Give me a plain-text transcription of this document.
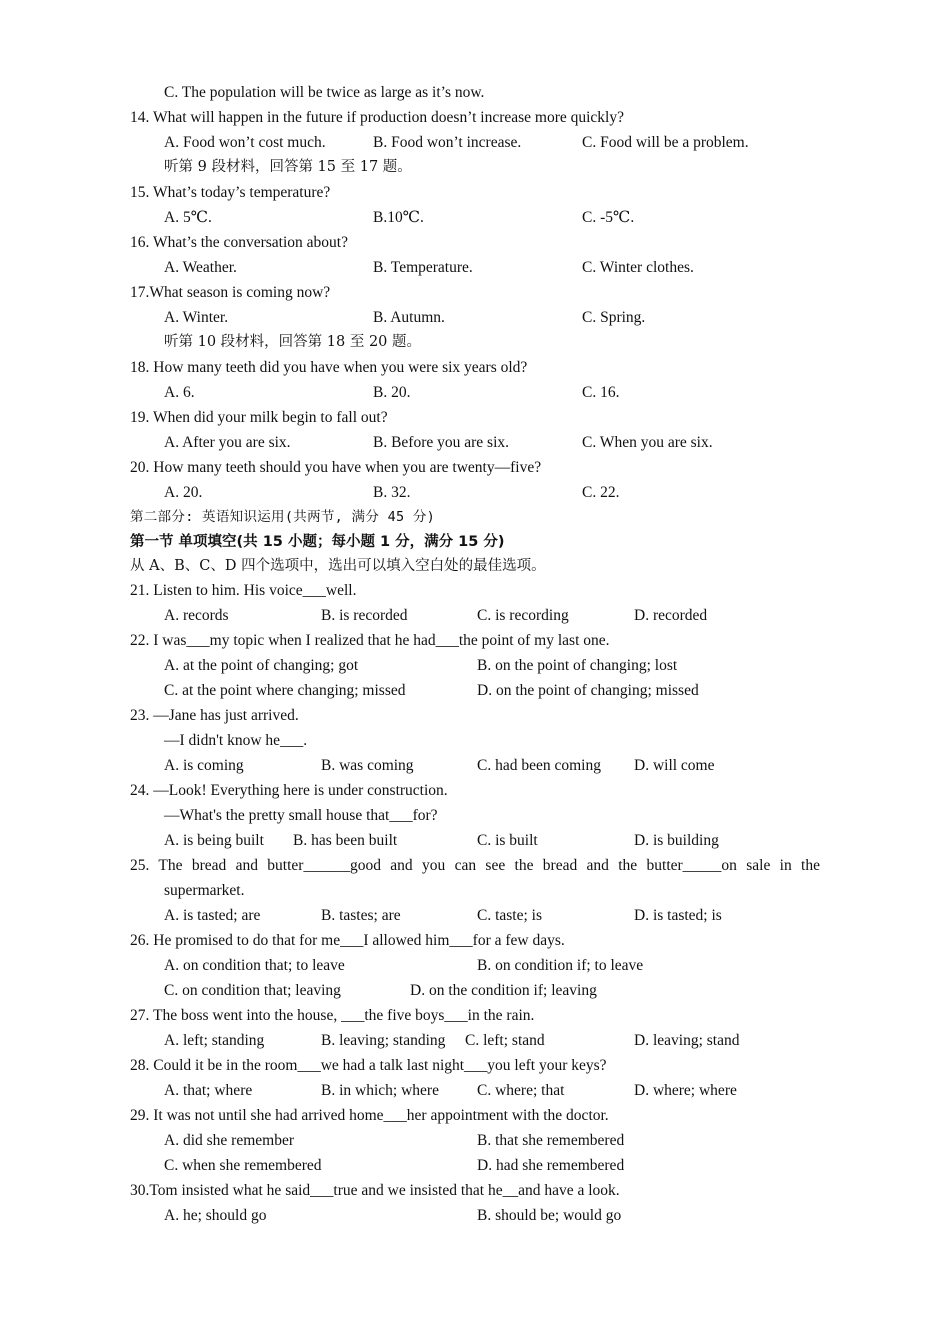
C. The population will be twice as large as it’s now.
14. What will happen in the future if production doesn’t increase more quickly?
A. Food won’t cost much.	B. Food won’t increase.	C. Food will be a problem.
听第 9 段材料，回答第 15 至 17 题。
15. What’s today’s temperature?
A. 5℃.	B.10℃.	C. -5℃.
16. What’s the conversation about?
A. Weather.	B. Temperature.	C. Winter clothes.
17.What season is coming now?
A. Winter.	B. Autumn.	C. Spring.
听第 10 段材料，回答第 18 至 20 题。
18. How many teeth did you have when you were six years old?
A. 6.	B. 20.	C. 16.
19. When did your milk begin to fall out?
A. After you are six.	B. Before you are six.	C. When you are six.
20. How many teeth should you have when you are twenty—five?
A. 20.	B. 32.	C. 22.
第二部分: 英语知识运用(共两节, 满分 45 分)
第一节 单项填空(共 15 小题；每小题 1 分，满分 15 分)
从 A、B、C、D 四个选项中，选出可以填入空白处的最佳选项。
21. Listen to him. His voice___well.
A. records	B. is recorded	C. is recording	D. recorded
22. I was___my topic when I realized that he had___the point of my last one.
A. at the point of changing; got	B. on the point of changing; lost
C. at the point where changing; missed	D. on the point of changing; missed
23. —Jane has just arrived.
—I didn't know he___.
A. is coming	B. was coming	C. had been coming D. will come
24. —Look! Everything here is under construction.
—What's the pretty small house that___for?
A. is being built B. has been built	C. is built	D. is building
25. The bread and butter______good and you can see the bread and the butter_____on sale in the
supermarket.
A. is tasted; are	B. tastes; are	C. taste; is	D. is tasted; is
26. He promised to do that for me___I allowed him___for a few days.
A. on condition that; to leave	B. on condition if; to leave
C. on condition that; leaving	D. on the condition if; leaving
27. The boss went into the house, ___the five boys___in the rain.
A. left; standing	B. leaving; standing C. left; stand	D. leaving; stand
28. Could it be in the room___we had a talk last night___you left your keys?
A. that; where	B. in which; where C. where; that	D. where; where
29. It was not until she had arrived home___her appointment with the doctor.
A. did she remember	B. that she remembered
C. when she remembered	D. had she remembered
30.Tom insisted what he said___true and we insisted that he__and have a look.
A. he; should go	B. should be; would go
